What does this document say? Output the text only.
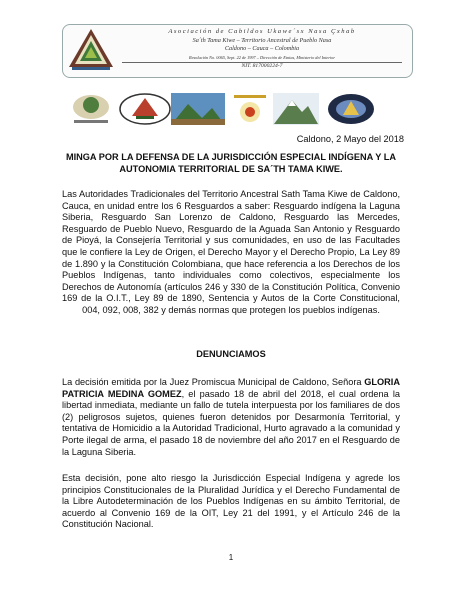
Asociación de Cabildos Ukawe´sx Nasa Çxhab
Sa´th Tama Kiwe – Territorio Ancestral de Pueblo Nasa
Caldono – Cauca – Colombia
Resolución No. 0065, Sept. 22 de 1997 – Dirección de Etnias, Ministerio del Interior
NIT. 817000224-7
Caldono, 2 Mayo del 2018
MINGA POR LA DEFENSA DE LA JURISDICCIÓN ESPECIAL INDÍGENA Y LA AUTONOMIA TERRITORIAL DE SA´TH TAMA KIWE.
Las Autoridades Tradicionales del Territorio Ancestral Sath Tama Kiwe de Caldono, Cauca, en unidad entre los 6 Resguardos a saber: Resguardo indígena la Laguna Siberia, Resguardo San Lorenzo de Caldono, Resguardo las Mercedes, Resguardo de Pueblo Nuevo, Resguardo de la Aguada San Antonio y Resguardo de Pioyá, la Consejería Territorial y sus comunidades, en uso de las Facultades que le confiere la Ley de Origen, el Derecho Mayor y el Derecho Propio, La Ley 89 de 1.890 y la Constitución Colombiana, que hace referencia a los Derechos de los Pueblos Indígenas, tanto individuales como colectivos, especialmente los Derechos de Autonomía (artículos 246 y 330 de la Constitución Política, Convenio 169 de la O.I.T., Ley 89 de 1890, Sentencia y Autos de la Corte Constitucional, 004, 092, 008, 382 y demás normas que protegen los pueblos indígenas.
DENUNCIAMOS
La decisión emitida por la Juez Promiscua Municipal de Caldono, Señora GLORIA PATRICIA MEDINA GOMEZ, el pasado 18 de abril del 2018, el cual ordena la libertad inmediata, mediante un fallo de tutela interpuesta por los familiares de dos (2) peligrosos sujetos, quienes fueron detenidos por Desarmonía Territorial, y tentativa de Homicidio a la Autoridad Tradicional, Hurto agravado a la comunidad y Porte ilegal de arma, el pasado 18 de noviembre del año 2017 en el Resguardo de la Laguna Siberia.
Esta decisión, pone alto riesgo la Jurisdicción Especial Indígena y agrede los principios Constitucionales de la Pluralidad Jurídica y el Derecho Fundamental de la Libre Autodeterminación de los Pueblos Indígenas en su ámbito Territorial, de acuerdo al Convenio 169 de la OIT, Ley 21 del 1991, y el Artículo 246 de la Constitución Nacional.
1
